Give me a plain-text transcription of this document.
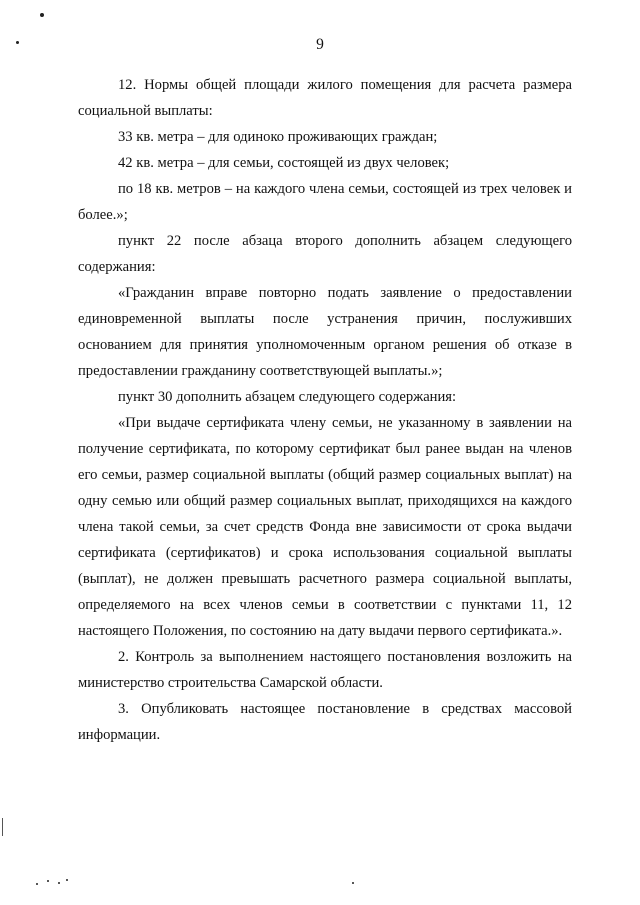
9

12. Нормы общей площади жилого помещения для расчета размера социальной выплаты:

33 кв. метра – для одиноко проживающих граждан;

42 кв. метра – для семьи, состоящей из двух человек;

по 18 кв. метров – на каждого члена семьи, состоящей из трех человек и более.»;

пункт 22 после абзаца второго дополнить абзацем следующего содержания:

«Гражданин вправе повторно подать заявление о предоставлении единовременной выплаты после устранения причин, послуживших основанием для принятия уполномоченным органом решения об отказе в предоставлении гражданину соответствующей выплаты.»;

пункт 30 дополнить абзацем следующего содержания:

«При выдаче сертификата члену семьи, не указанному в заявлении на получение сертификата, по которому сертификат был ранее выдан на членов его семьи, размер социальной выплаты (общий размер социальных выплат) на одну семью или общий размер социальных выплат, приходящихся на каждого члена такой семьи, за счет средств Фонда вне зависимости от срока выдачи сертификата (сертификатов) и срока использования социальной выплаты (выплат), не должен превышать расчетного размера социальной выплаты, определяемого на всех членов семьи в соответствии с пунктами 11, 12 настоящего Положения, по состоянию на дату выдачи первого сертификата.».

2. Контроль за выполнением настоящего постановления возложить на министерство строительства Самарской области.

3. Опубликовать настоящее постановление в средствах массовой информации.
